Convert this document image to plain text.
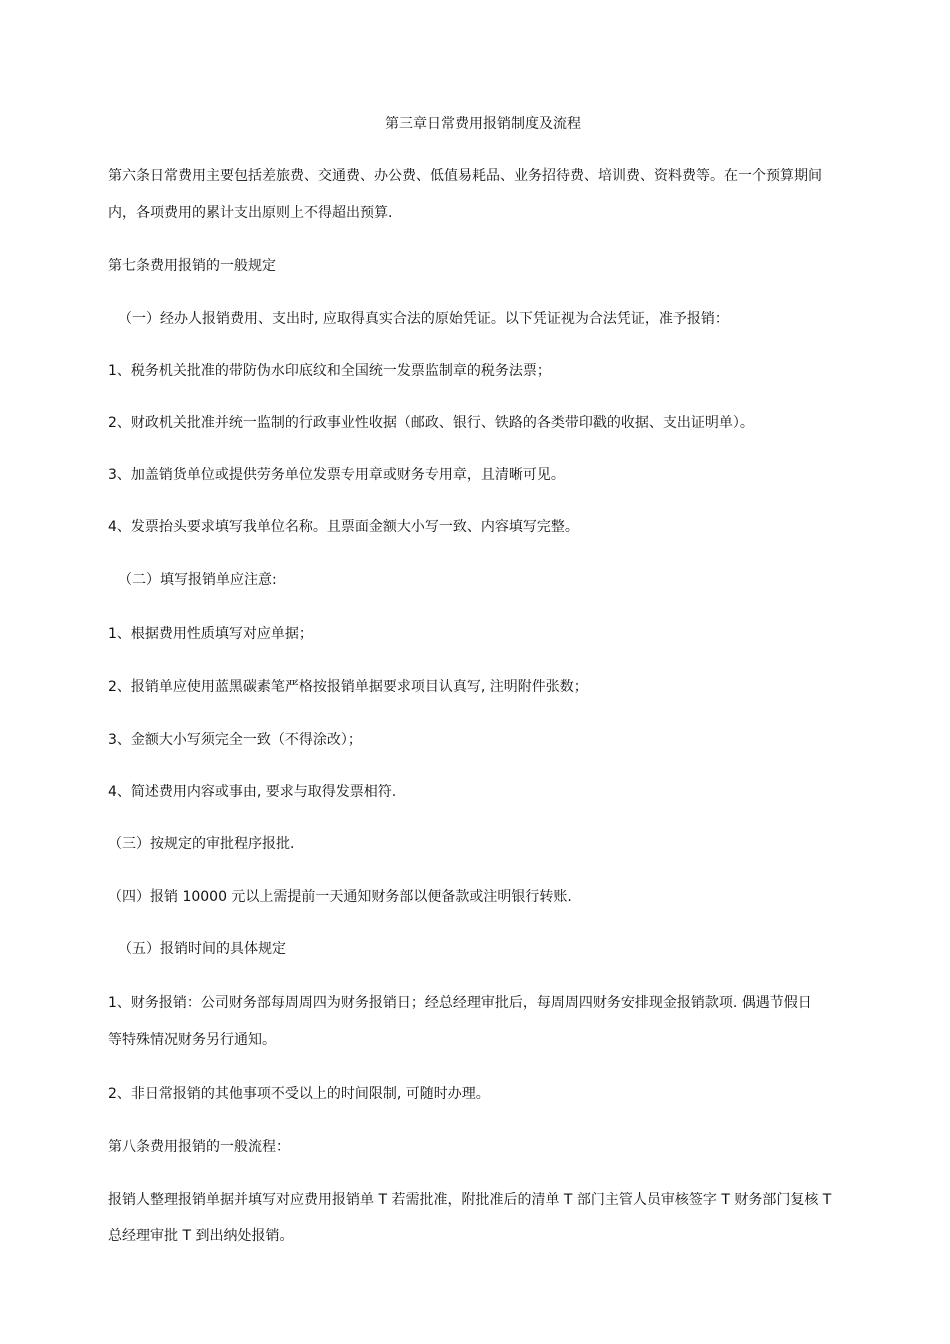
第三章日常费用报销制度及流程

第六条日常费用主要包括差旅费、交通费、办公费、低值易耗品、业务招待费、培训费、资料费等。在一个预算期间

内，各项费用的累计支出原则上不得超出预算.

第七条费用报销的一般规定

（一）经办人报销费用、支出时, 应取得真实合法的原始凭证。以下凭证视为合法凭证，准予报销：

1、税务机关批准的带防伪水印底纹和全国统一发票监制章的税务法票；

2、财政机关批准并统一监制的行政事业性收据（邮政、银行、铁路的各类带印戳的收据、支出证明单）。

3、加盖销货单位或提供劳务单位发票专用章或财务专用章，且清晰可见。

4、发票抬头要求填写我单位名称。且票面金额大小写一致、内容填写完整。

（二）填写报销单应注意:

1、根据费用性质填写对应单据；

2、报销单应使用蓝黑碳素笔严格按报销单据要求项目认真写, 注明附件张数；

3、金额大小写须完全一致（不得涂改）；

4、简述费用内容或事由, 要求与取得发票相符.

（三）按规定的审批程序报批.

（四）报销 10000 元以上需提前一天通知财务部以便备款或注明银行转账.

（五）报销时间的具体规定

1、财务报销：公司财务部每周周四为财务报销日；经总经理审批后，每周周四财务安排现金报销款项. 偶遇节假日

等特殊情况财务另行通知。

2、非日常报销的其他事项不受以上的时间限制, 可随时办理。

第八条费用报销的一般流程：

报销人整理报销单据并填写对应费用报销单 T 若需批准，附批准后的清单 T 部门主管人员审核签字 T 财务部门复核 T

总经理审批 T 到出纳处报销。
